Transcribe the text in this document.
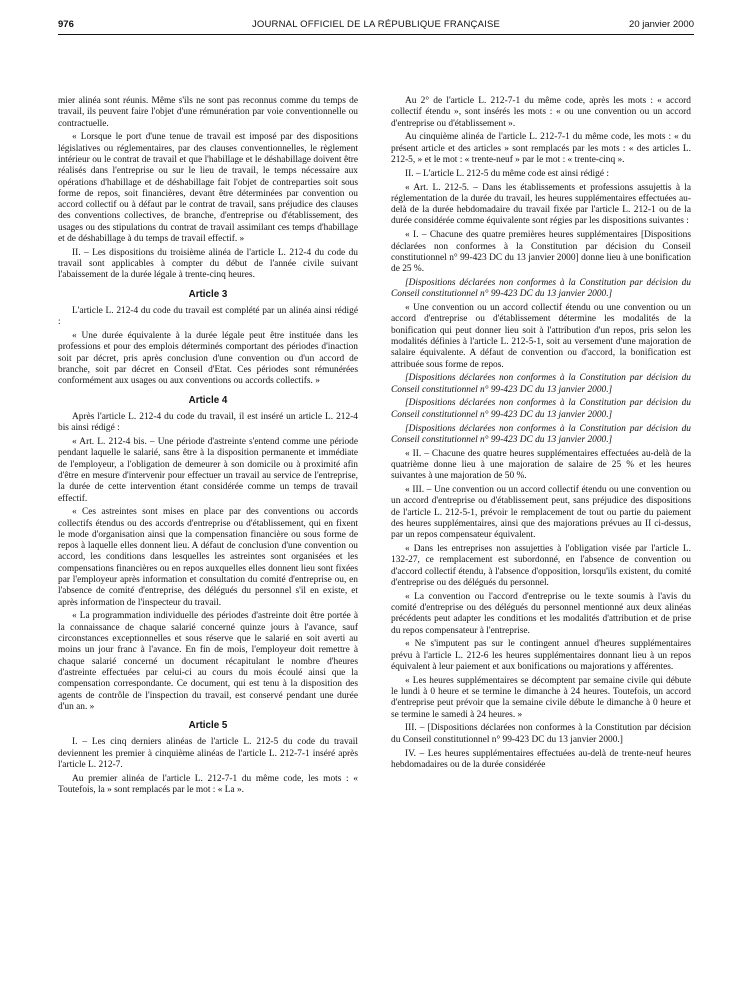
976	JOURNAL OFFICIEL DE LA RÉPUBLIQUE FRANÇAISE	20 janvier 2000

mier alinéa sont réunis. Même s'ils ne sont pas reconnus comme du temps de travail, ils peuvent faire l'objet d'une rémunération par voie conventionnelle ou contractuelle.

« Lorsque le port d'une tenue de travail est imposé par des dispositions législatives ou réglementaires, par des clauses conventionnelles, le règlement intérieur ou le contrat de travail et que l'habillage et le déshabillage doivent être réalisés dans l'entreprise ou sur le lieu de travail, le temps nécessaire aux opérations d'habillage et de déshabillage fait l'objet de contreparties soit sous forme de repos, soit financières, devant être déterminées par convention ou accord collectif ou à défaut par le contrat de travail, sans préjudice des clauses des conventions collectives, de branche, d'entreprise ou d'établissement, des usages ou des stipulations du contrat de travail assimilant ces temps d'habillage et de déshabillage à du temps de travail effectif. »

II. – Les dispositions du troisième alinéa de l'article L. 212-4 du code du travail sont applicables à compter du début de l'année civile suivant l'abaissement de la durée légale à trente-cinq heures.

Article 3

L'article L. 212-4 du code du travail est complété par un alinéa ainsi rédigé :

« Une durée équivalente à la durée légale peut être instituée dans les professions et pour des emplois déterminés comportant des périodes d'inaction soit par décret, pris après conclusion d'une convention ou d'un accord de branche, soit par décret en Conseil d'Etat. Ces périodes sont rémunérées conformément aux usages ou aux conventions ou accords collectifs. »

Article 4

Après l'article L. 212-4 du code du travail, il est inséré un article L. 212-4 bis ainsi rédigé :

« Art. L. 212-4 bis. – Une période d'astreinte s'entend comme une période pendant laquelle le salarié, sans être à la disposition permanente et immédiate de l'employeur, a l'obligation de demeurer à son domicile ou à proximité afin d'être en mesure d'intervenir pour effectuer un travail au service de l'entreprise, la durée de cette intervention étant considérée comme un temps de travail effectif.

« Ces astreintes sont mises en place par des conventions ou accords collectifs étendus ou des accords d'entreprise ou d'établissement, qui en fixent le mode d'organisation ainsi que la compensation financière ou sous forme de repos à laquelle elles donnent lieu. A défaut de conclusion d'une convention ou accord, les conditions dans lesquelles les astreintes sont organisées et les compensations financières ou en repos auxquelles elles donnent lieu sont fixées par l'employeur après information et consultation du comité d'entreprise ou, en l'absence de comité d'entreprise, des délégués du personnel s'il en existe, et après information de l'inspecteur du travail.

« La programmation individuelle des périodes d'astreinte doit être portée à la connaissance de chaque salarié concerné quinze jours à l'avance, sauf circonstances exceptionnelles et sous réserve que le salarié en soit averti au moins un jour franc à l'avance. En fin de mois, l'employeur doit remettre à chaque salarié concerné un document récapitulant le nombre d'heures d'astreinte effectuées par celui-ci au cours du mois écoulé ainsi que la compensation correspondante. Ce document, qui est tenu à la disposition des agents de contrôle de l'inspection du travail, est conservé pendant une durée d'un an. »

Article 5

I. – Les cinq derniers alinéas de l'article L. 212-5 du code du travail deviennent les premier à cinquième alinéas de l'article L. 212-7-1 inséré après l'article L. 212-7.

Au premier alinéa de l'article L. 212-7-1 du même code, les mots : « Toutefois, la » sont remplacés par le mot : « La ».

Au 2° de l'article L. 212-7-1 du même code, après les mots : « accord collectif étendu », sont insérés les mots : « ou une convention ou un accord d'entreprise ou d'établissement ».

Au cinquième alinéa de l'article L. 212-7-1 du même code, les mots : « du présent article et des articles » sont remplacés par les mots : « des articles L. 212-5, » et le mot : « trente-neuf » par le mot : « trente-cinq ».

II. – L'article L. 212-5 du même code est ainsi rédigé :

« Art. L. 212-5. – Dans les établissements et professions assujettis à la réglementation de la durée du travail, les heures supplémentaires effectuées au-delà de la durée hebdomadaire du travail fixée par l'article L. 212-1 ou de la durée considérée comme équivalente sont régies par les dispositions suivantes :

« I. – Chacune des quatre premières heures supplémentaires [Dispositions déclarées non conformes à la Constitution par décision du Conseil constitutionnel n° 99-423 DC du 13 janvier 2000] donne lieu à une bonification de 25 %.

[Dispositions déclarées non conformes à la Constitution par décision du Conseil constitutionnel n° 99-423 DC du 13 janvier 2000.]

« Une convention ou un accord collectif étendu ou une convention ou un accord d'entreprise ou d'établissement détermine les modalités de la bonification qui peut donner lieu soit à l'attribution d'un repos, pris selon les modalités définies à l'article L. 212-5-1, soit au versement d'une majoration de salaire équivalente. A défaut de convention ou d'accord, la bonification est attribuée sous forme de repos.

[Dispositions déclarées non conformes à la Constitution par décision du Conseil constitutionnel n° 99-423 DC du 13 janvier 2000.]

[Dispositions déclarées non conformes à la Constitution par décision du Conseil constitutionnel n° 99-423 DC du 13 janvier 2000.]

[Dispositions déclarées non conformes à la Constitution par décision du Conseil constitutionnel n° 99-423 DC du 13 janvier 2000.]

« II. – Chacune des quatre heures supplémentaires effectuées au-delà de la quatrième donne lieu à une majoration de salaire de 25 % et les heures suivantes à une majoration de 50 %.

« III. – Une convention ou un accord collectif étendu ou une convention ou un accord d'entreprise ou d'établissement peut, sans préjudice des dispositions de l'article L. 212-5-1, prévoir le remplacement de tout ou partie du paiement des heures supplémentaires, ainsi que des majorations prévues au II ci-dessus, par un repos compensateur équivalent.

« Dans les entreprises non assujetties à l'obligation visée par l'article L. 132-27, ce remplacement est subordonné, en l'absence de convention ou d'accord collectif étendu, à l'absence d'opposition, lorsqu'ils existent, du comité d'entreprise ou des délégués du personnel.

« La convention ou l'accord d'entreprise ou le texte soumis à l'avis du comité d'entreprise ou des délégués du personnel mentionné aux deux alinéas précédents peut adapter les conditions et les modalités d'attribution et de prise du repos compensateur à l'entreprise.

« Ne s'imputent pas sur le contingent annuel d'heures supplémentaires prévu à l'article L. 212-6 les heures supplémentaires donnant lieu à un repos équivalent à leur paiement et aux bonifications ou majorations y afférentes.

« Les heures supplémentaires se décomptent par semaine civile qui débute le lundi à 0 heure et se termine le dimanche à 24 heures. Toutefois, un accord d'entreprise peut prévoir que la semaine civile débute le dimanche à 0 heure et se termine le samedi à 24 heures. »

III. – [Dispositions déclarées non conformes à la Constitution par décision du Conseil constitutionnel n° 99-423 DC du 13 janvier 2000.]

IV. – Les heures supplémentaires effectuées au-delà de trente-neuf heures hebdomadaires ou de la durée considérée
